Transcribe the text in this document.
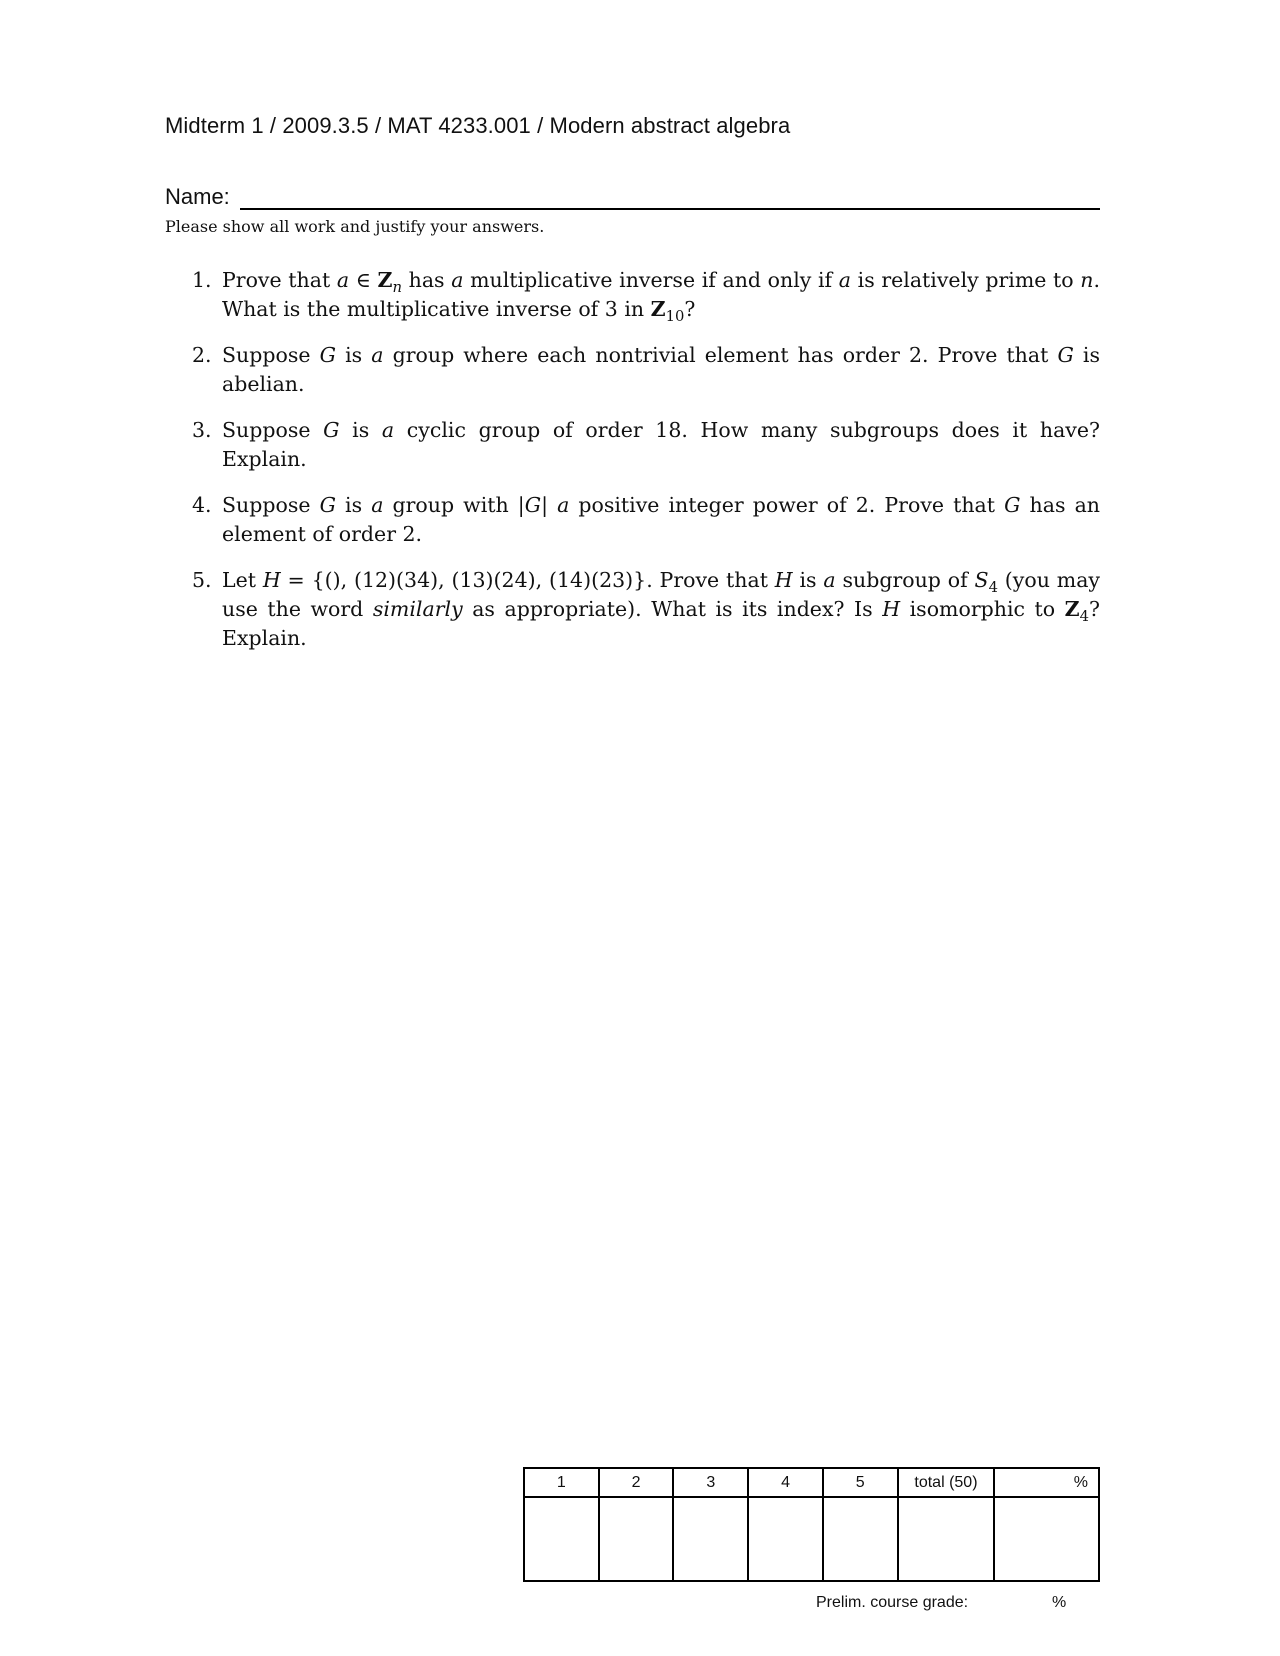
Midterm 1 / 2009.3.5 / MAT 4233.001 / Modern abstract algebra
Name:
Please show all work and justify your answers.
1. Prove that a ∈ $Z_n$ has a multiplicative inverse if and only if a is relatively prime to n. What is the multiplicative inverse of 3 in $Z_{10}$?
2. Suppose G is a group where each nontrivial element has order 2. Prove that G is abelian.
3. Suppose G is a cyclic group of order 18. How many subgroups does it have? Explain.
4. Suppose G is a group with |G| a positive integer power of 2. Prove that G has an element of order 2.
5. Let H = {(), (12)(34), (13)(24), (14)(23)}. Prove that H is a subgroup of $S_4$ (you may use the word similarly as appropriate). What is its index? Is H isomorphic to $Z_4$? Explain.
1	2	3	4	5	total (50)	%

Prelim. course grade:	%
